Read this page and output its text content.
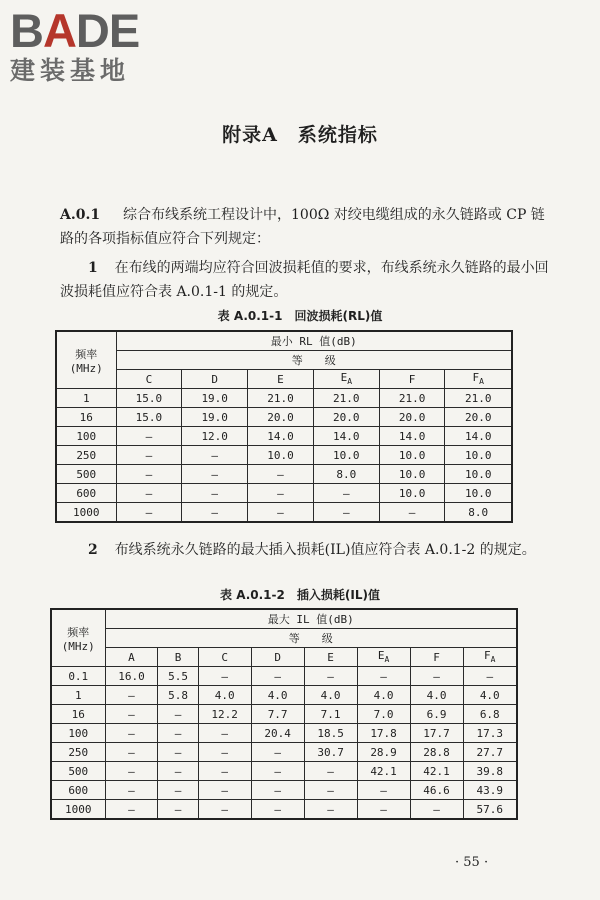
BADE
建装基地
附录A　系统指标
A.0.1 综合布线系统工程设计中，100Ω 对绞电缆组成的永久链路或 CP 链路的各项指标值应符合下列规定：
1 在布线的两端均应符合回波损耗值的要求，布线系统永久链路的最小回波损耗值应符合表 A.0.1-1 的规定。
表 A.0.1-1　回波损耗(RL)值
频率
(MHz)	最小 RL 值(dB)					
	等　　级					
	C	D	E	$E_A$	F	$F_A$
1	15.0	19.0	21.0	21.0	21.0	21.0
16	15.0	19.0	20.0	20.0	20.0	20.0
100	—	12.0	14.0	14.0	14.0	14.0
250	—	—	10.0	10.0	10.0	10.0
500	—	—	—	8.0	10.0	10.0
600	—	—	—	—	10.0	10.0
1000	—	—	—	—	—	8.0
2 布线系统永久链路的最大插入损耗(IL)值应符合表 A.0.1-2 的规定。
表 A.0.1-2　插入损耗(IL)值
频率
(MHz)	最大 IL 值(dB)							
	等　　级							
	A	B	C	D	E	$E_A$	F	$F_A$
0.1	16.0	5.5	—	—	—	—	—	—
1	—	5.8	4.0	4.0	4.0	4.0	4.0	4.0
16	—	—	12.2	7.7	7.1	7.0	6.9	6.8
100	—	—	—	20.4	18.5	17.8	17.7	17.3
250	—	—	—	—	30.7	28.9	28.8	27.7
500	—	—	—	—	—	42.1	42.1	39.8
600	—	—	—	—	—	—	46.6	43.9
1000	—	—	—	—	—	—	—	57.6
· 55 ·
